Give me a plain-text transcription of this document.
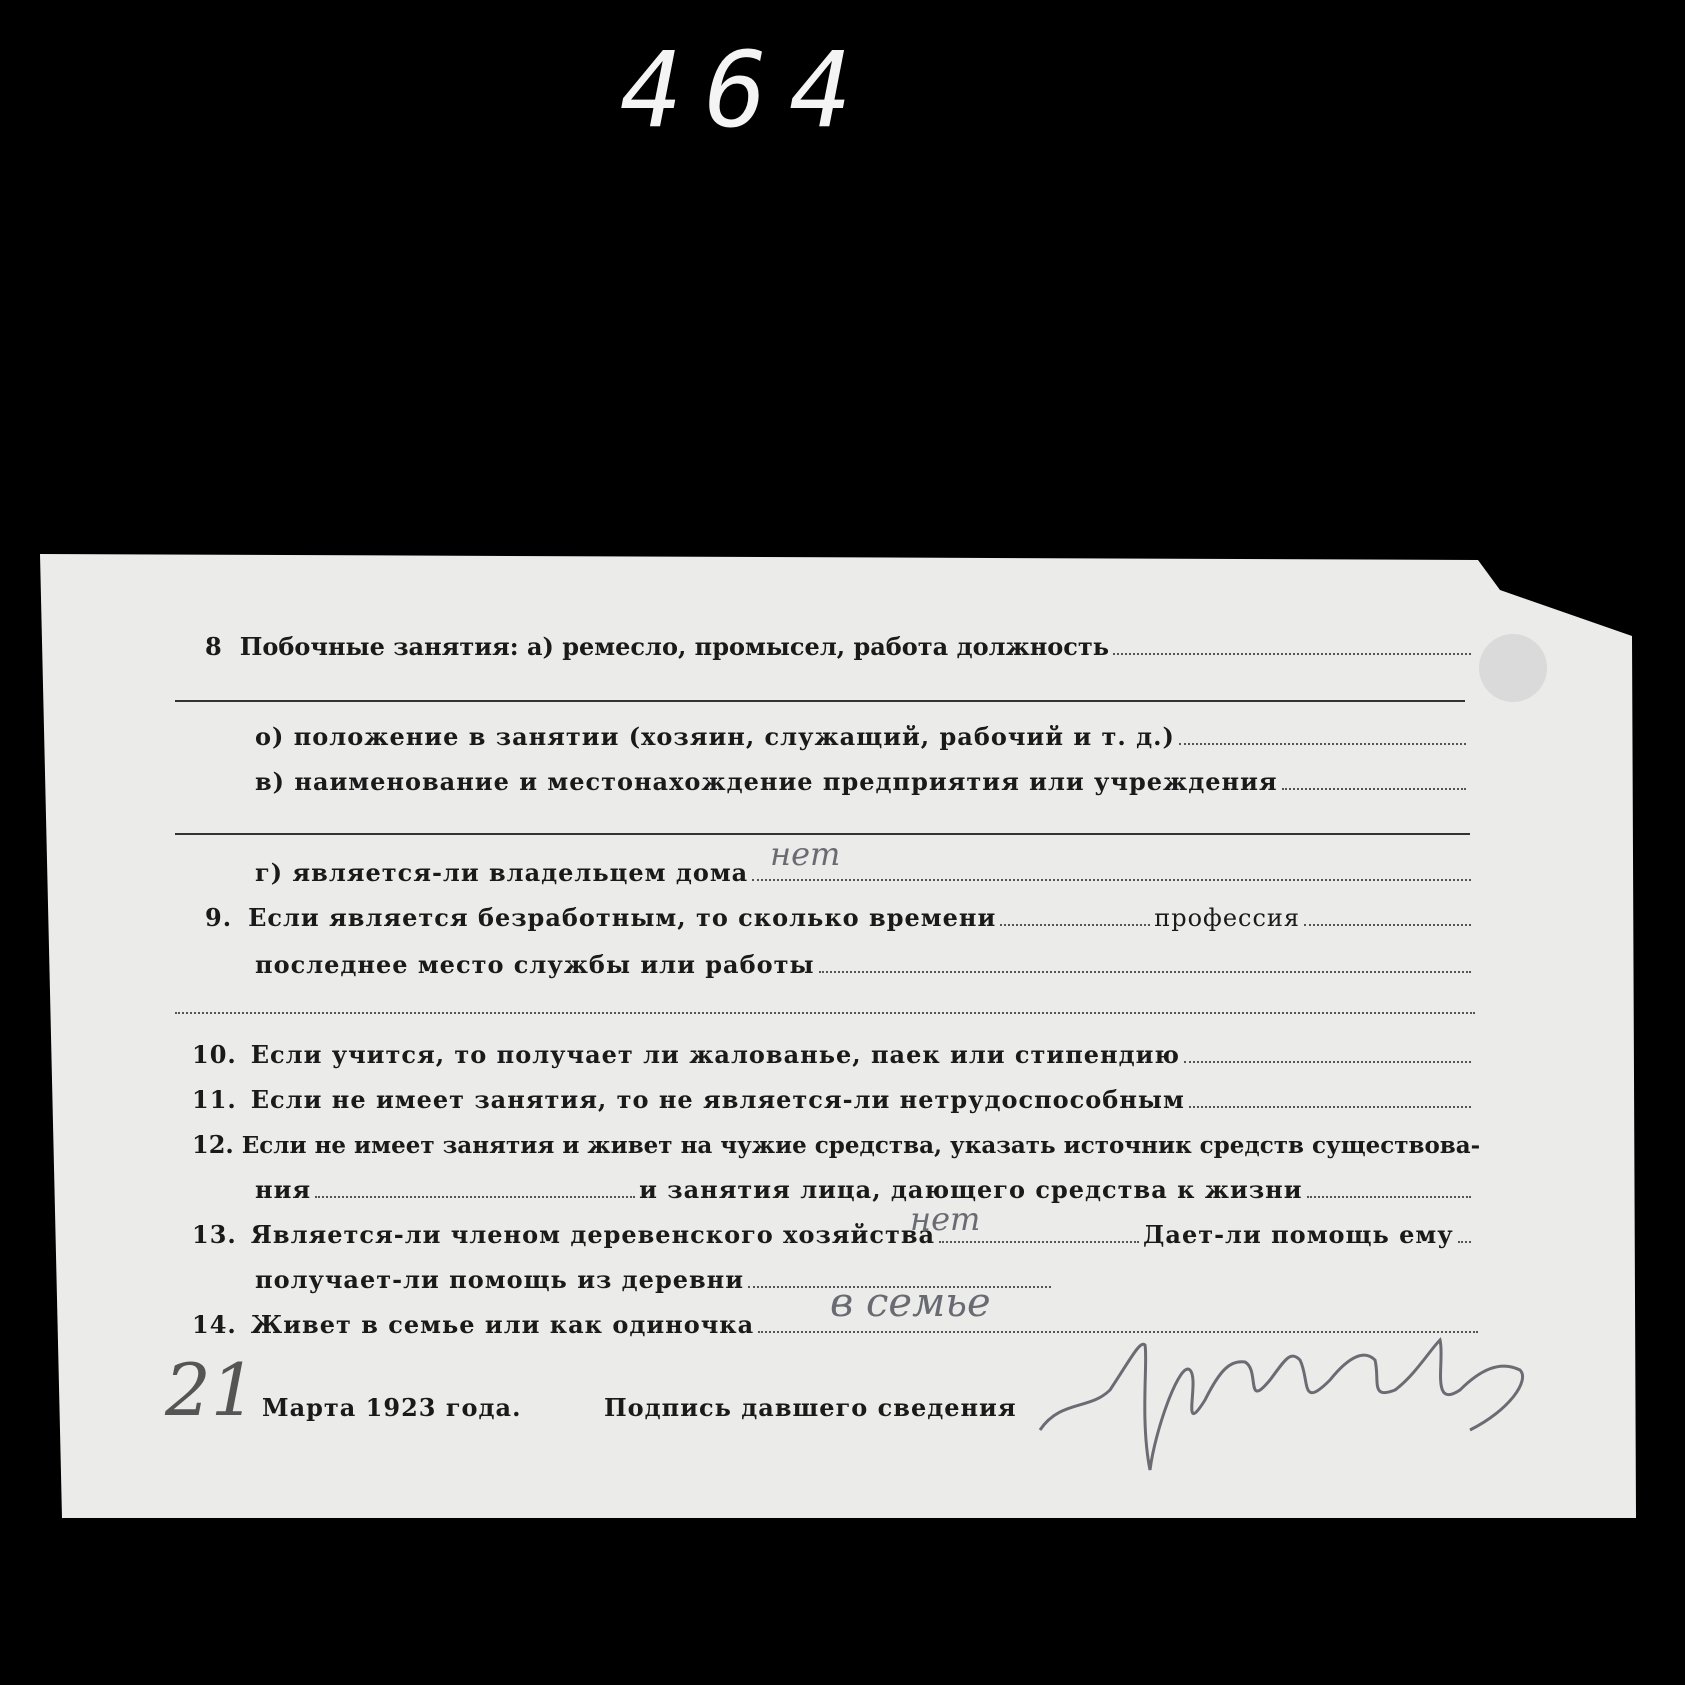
464
8 Побочные занятия: а) ремесло, промысел, работа должность
о) положение в занятии (хозяин, служащий, рабочий и т. д.)
в) наименование и местонахождение предприятия или учреждения
г) является-ли владельцем дома нет
9. Если является безработным, то сколько времени	профессия
последнее место службы или работы
10. Если учится, то получает ли жалованье, паек или стипендию
11. Если не имеет занятия, то не является-ли нетрудоспособным
12. Если не имеет занятия и живет на чужие средства, указать источник средств существова-
ния	и занятия лица, дающего средства к жизни
13. Является-ли членом деревенского хозяйства	Дает-ли помощь ему
нет
получает-ли помощь из деревни
14. Живет в семье или как одиночка в семье
21 Марта 1923 года.	Подпись давшего сведения
